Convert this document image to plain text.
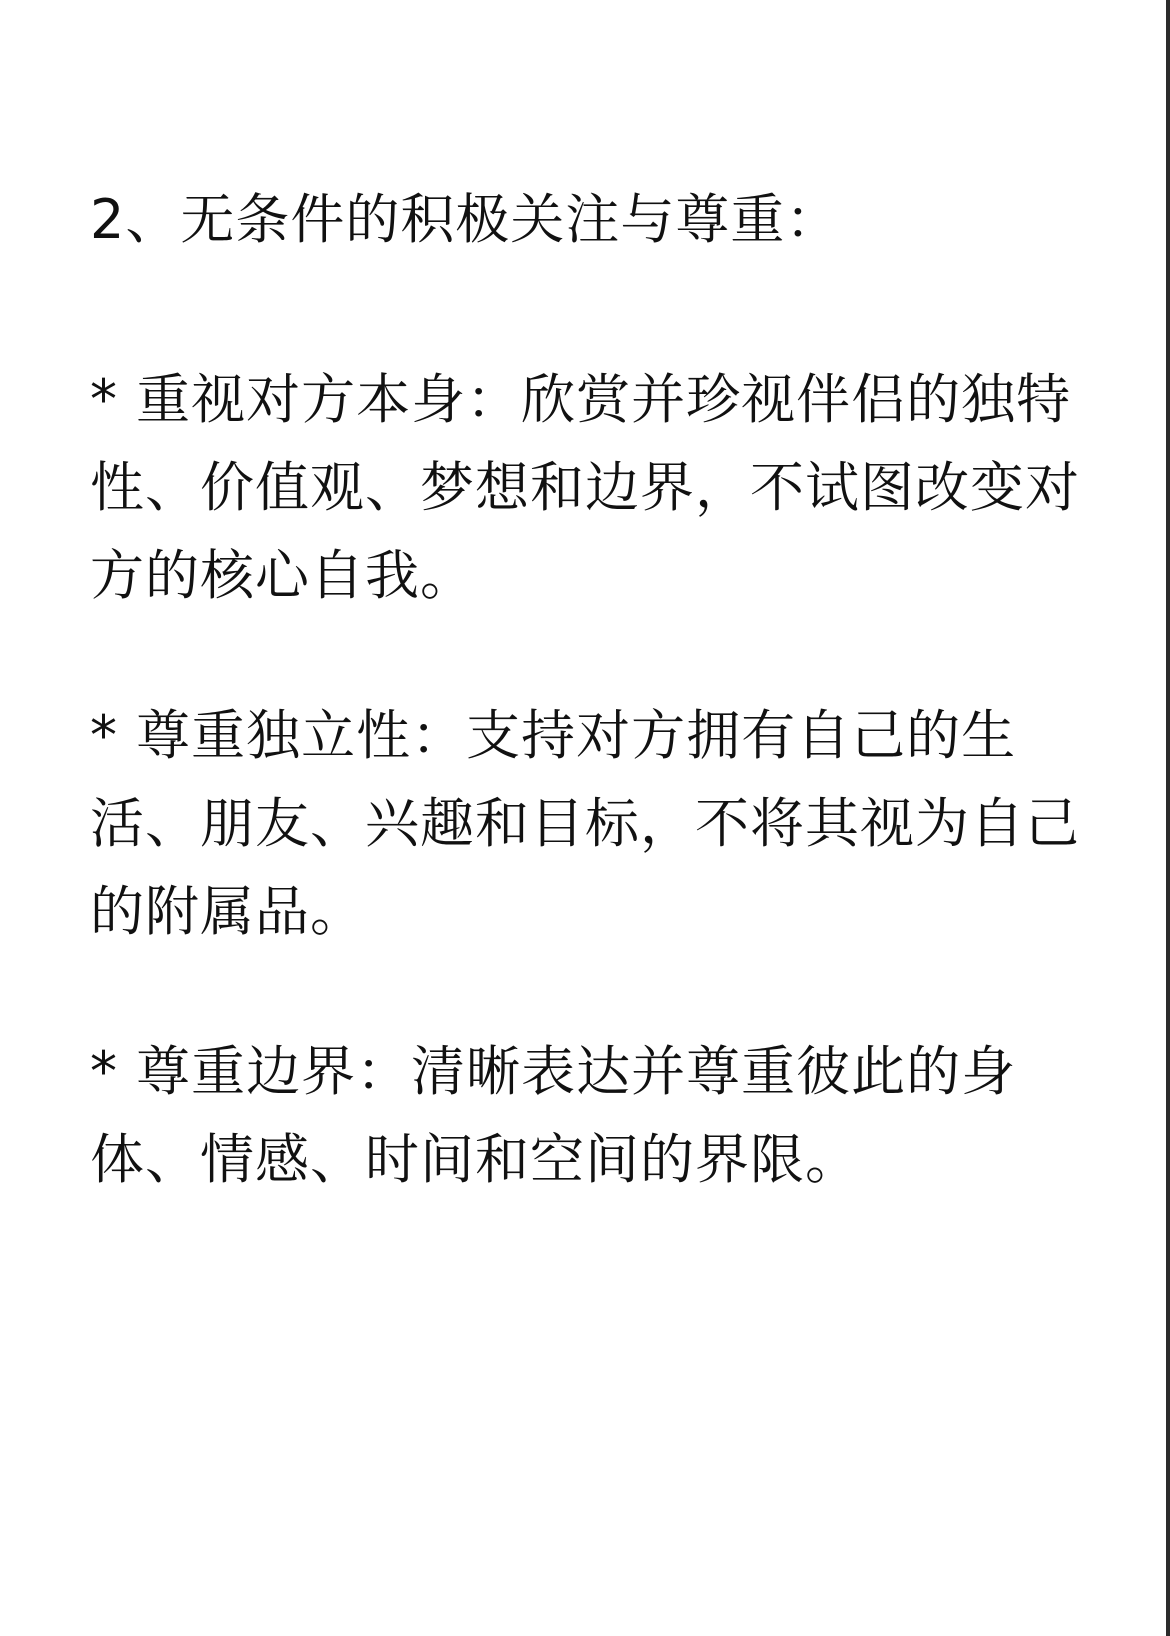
2、无条件的积极关注与尊重：

* 重视对方本身：欣赏并珍视伴侣的独特性、价值观、梦想和边界，不试图改变对方的核心自我。

* 尊重独立性：支持对方拥有自己的生活、朋友、兴趣和目标，不将其视为自己的附属品。

* 尊重边界：清晰表达并尊重彼此的身体、情感、时间和空间的界限。
